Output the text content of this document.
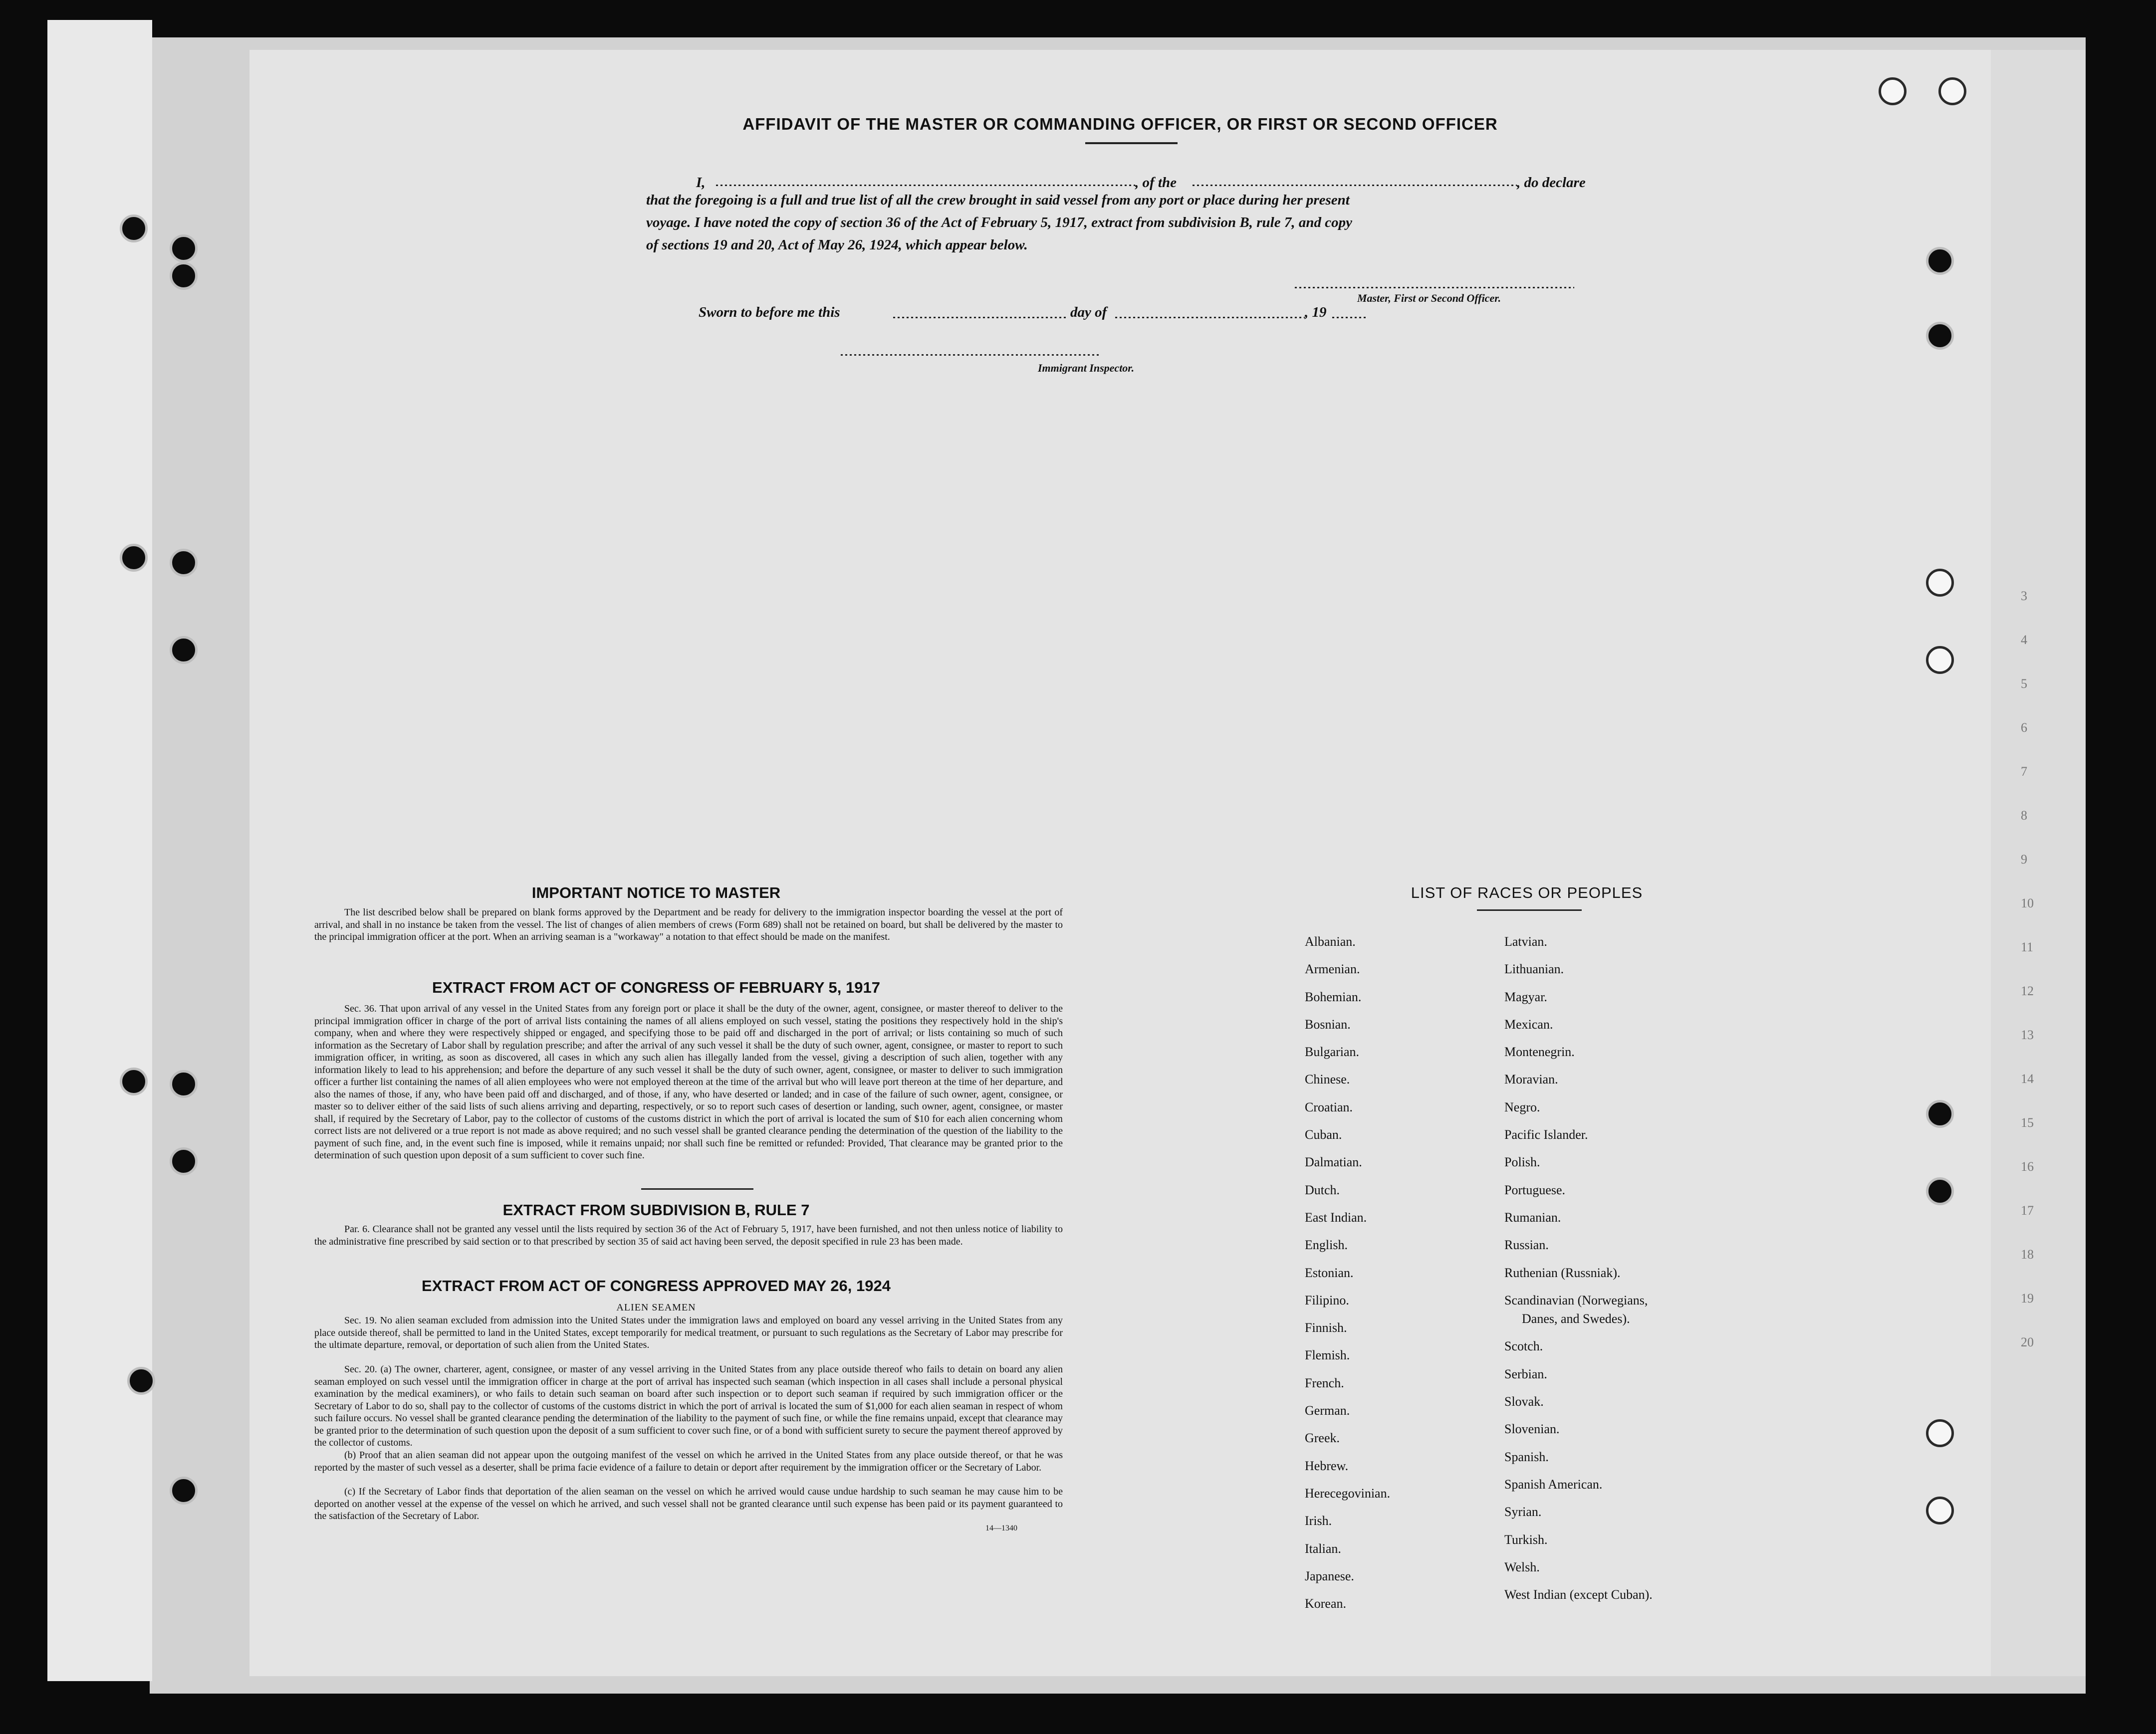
3
4
5
6
7
8
9
10
11
12
13
14
15
16
17
18
19
20
AFFIDAVIT OF THE MASTER OR COMMANDING OFFICER, OR FIRST OR SECOND OFFICER
I,	, of the	, do declare
that the foregoing is a full and true list of all the crew brought in said vessel from any port or place during her present
voyage. I have noted the copy of section 36 of the Act of February 5, 1917, extract from subdivision B, rule 7, and copy
of sections 19 and 20, Act of May 26, 1924, which appear below.
Master, First or Second Officer.
Sworn to before me this	day of	, 19
Immigrant Inspector.
IMPORTANT NOTICE TO MASTER
The list described below shall be prepared on blank forms approved by the Department and be ready for delivery to the immigration inspector boarding the vessel at the port of arrival, and shall in no instance be taken from the vessel. The list of changes of alien members of crews (Form 689) shall not be retained on board, but shall be delivered by the master to the principal immigration officer at the port. When an arriving seaman is a "workaway" a notation to that effect should be made on the manifest.
EXTRACT FROM ACT OF CONGRESS OF FEBRUARY 5, 1917
Sec. 36. That upon arrival of any vessel in the United States from any foreign port or place it shall be the duty of the owner, agent, consignee, or master thereof to deliver to the principal immigration officer in charge of the port of arrival lists containing the names of all aliens employed on such vessel, stating the positions they respectively hold in the ship's company, when and where they were respectively shipped or engaged, and specifying those to be paid off and discharged in the port of arrival; or lists containing so much of such information as the Secretary of Labor shall by regulation prescribe; and after the arrival of any such vessel it shall be the duty of such owner, agent, consignee, or master to report to such immigration officer, in writing, as soon as discovered, all cases in which any such alien has illegally landed from the vessel, giving a description of such alien, together with any information likely to lead to his apprehension; and before the departure of any such vessel it shall be the duty of such owner, agent, consignee, or master to deliver to such immigration officer a further list containing the names of all alien employees who were not employed thereon at the time of the arrival but who will leave port thereon at the time of her departure, and also the names of those, if any, who have been paid off and discharged, and of those, if any, who have deserted or landed; and in case of the failure of such owner, agent, consignee, or master so to deliver either of the said lists of such aliens arriving and departing, respectively, or so to report such cases of desertion or landing, such owner, agent, consignee, or master shall, if required by the Secretary of Labor, pay to the collector of customs of the customs district in which the port of arrival is located the sum of $10 for each alien concerning whom correct lists are not delivered or a true report is not made as above required; and no such vessel shall be granted clearance pending the determination of the question of the liability to the payment of such fine, and, in the event such fine is imposed, while it remains unpaid; nor shall such fine be remitted or refunded: Provided, That clearance may be granted prior to the determination of such question upon deposit of a sum sufficient to cover such fine.
EXTRACT FROM SUBDIVISION B, RULE 7
Par. 6. Clearance shall not be granted any vessel until the lists required by section 36 of the Act of February 5, 1917, have been furnished, and not then unless notice of liability to the administrative fine prescribed by said section or to that prescribed by section 35 of said act having been served, the deposit specified in rule 23 has been made.
EXTRACT FROM ACT OF CONGRESS APPROVED MAY 26, 1924
ALIEN SEAMEN
Sec. 19. No alien seaman excluded from admission into the United States under the immigration laws and employed on board any vessel arriving in the United States from any place outside thereof, shall be permitted to land in the United States, except temporarily for medical treatment, or pursuant to such regulations as the Secretary of Labor may prescribe for the ultimate departure, removal, or deportation of such alien from the United States.
Sec. 20. (a) The owner, charterer, agent, consignee, or master of any vessel arriving in the United States from any place outside thereof who fails to detain on board any alien seaman employed on such vessel until the immigration officer in charge at the port of arrival has inspected such seaman (which inspection in all cases shall include a personal physical examination by the medical examiners), or who fails to detain such seaman on board after such inspection or to deport such seaman if required by such immigration officer or the Secretary of Labor to do so, shall pay to the collector of customs of the customs district in which the port of arrival is located the sum of $1,000 for each alien seaman in respect of whom such failure occurs. No vessel shall be granted clearance pending the determination of the liability to the payment of such fine, or while the fine remains unpaid, except that clearance may be granted prior to the determination of such question upon the deposit of a sum sufficient to cover such fine, or of a bond with sufficient surety to secure the payment thereof approved by the collector of customs.
(b) Proof that an alien seaman did not appear upon the outgoing manifest of the vessel on which he arrived in the United States from any place outside thereof, or that he was reported by the master of such vessel as a deserter, shall be prima facie evidence of a failure to detain or deport after requirement by the immigration officer or the Secretary of Labor.
(c) If the Secretary of Labor finds that deportation of the alien seaman on the vessel on which he arrived would cause undue hardship to such seaman he may cause him to be deported on another vessel at the expense of the vessel on which he arrived, and such vessel shall not be granted clearance until such expense has been paid or its payment guaranteed to the satisfaction of the Secretary of Labor.
14—1340
LIST OF RACES OR PEOPLES
Albanian.
Armenian.
Bohemian.
Bosnian.
Bulgarian.
Chinese.
Croatian.
Cuban.
Dalmatian.
Dutch.
East Indian.
English.
Estonian.
Filipino.
Finnish.
Flemish.
French.
German.
Greek.
Hebrew.
Herecegovinian.
Irish.
Italian.
Japanese.
Korean.
Latvian.
Lithuanian.
Magyar.
Mexican.
Montenegrin.
Moravian.
Negro.
Pacific Islander.
Polish.
Portuguese.
Rumanian.
Russian.
Ruthenian (Russniak).
Scandinavian (Norwegians,
Danes, and Swedes).
Scotch.
Serbian.
Slovak.
Slovenian.
Spanish.
Spanish American.
Syrian.
Turkish.
Welsh.
West Indian (except Cuban).
